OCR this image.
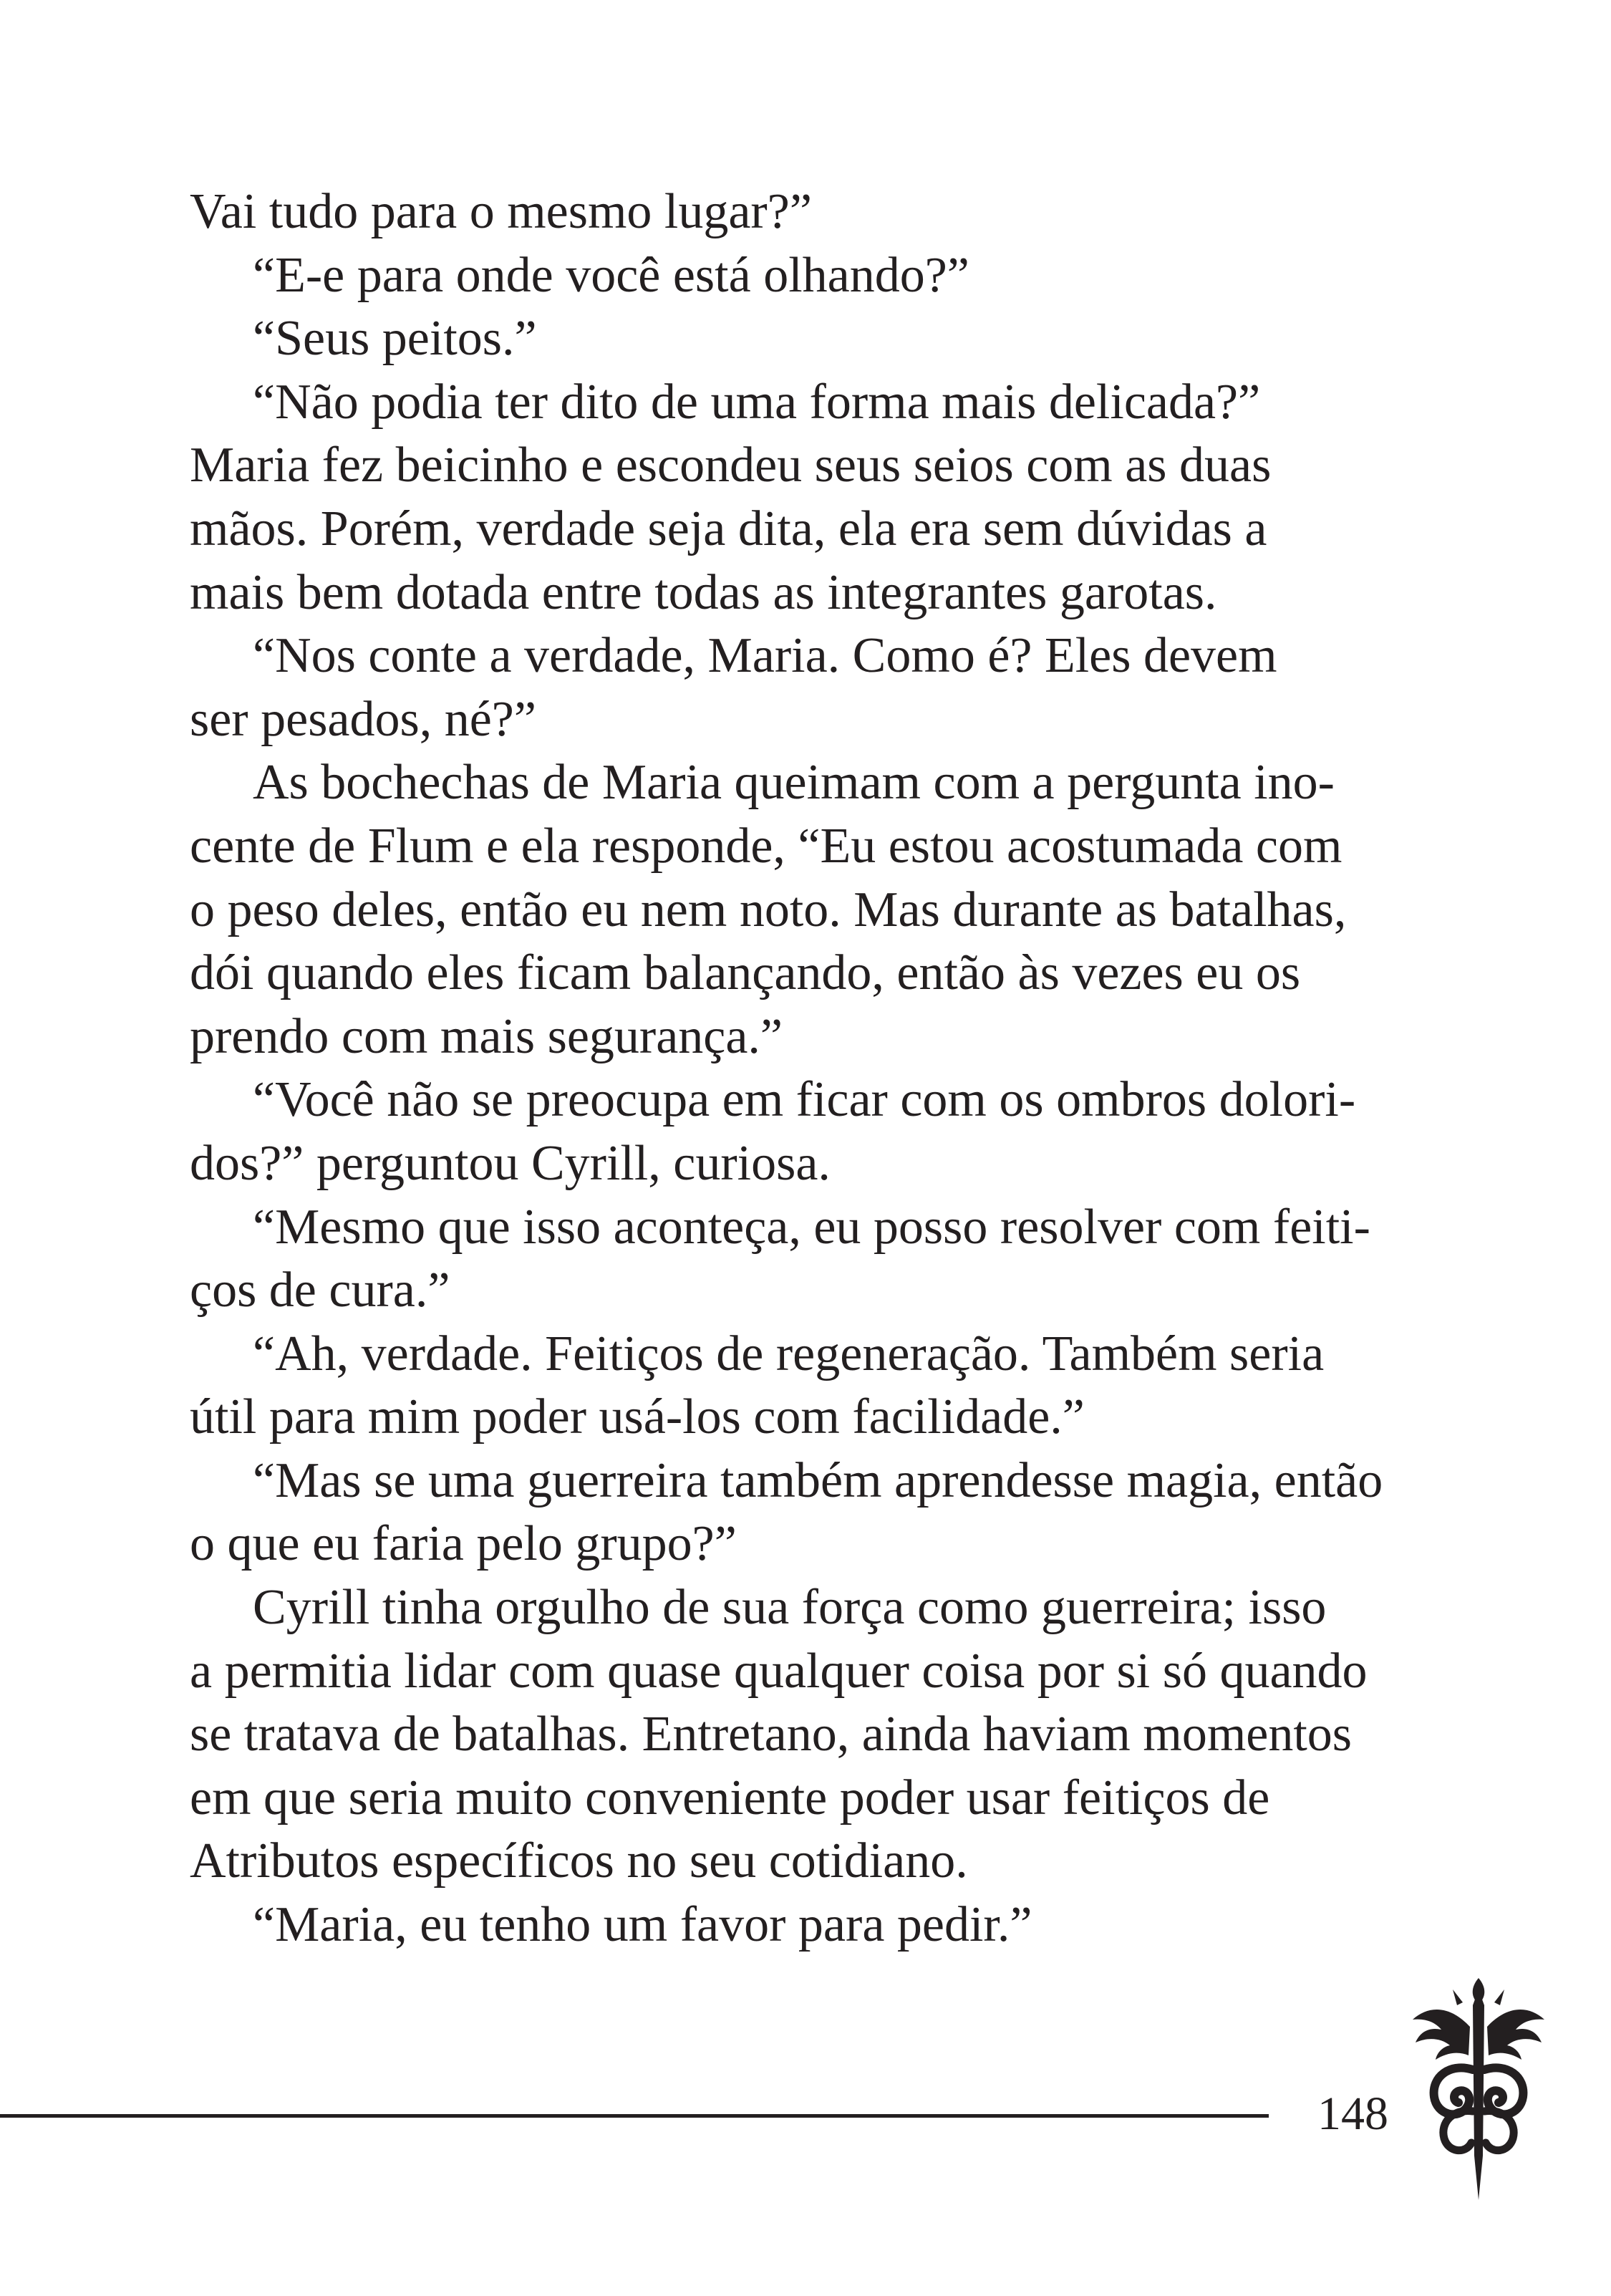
Vai tudo para o mesmo lugar?”
“E-e para onde você está olhando?”
“Seus peitos.”
“Não podia ter dito de uma forma mais delicada?”
Maria fez beicinho e escondeu seus seios com as duas
mãos. Porém, verdade seja dita, ela era sem dúvidas a
mais bem dotada entre todas as integrantes garotas.
“Nos conte a verdade, Maria. Como é? Eles devem
ser pesados, né?”
As bochechas de Maria queimam com a pergunta ino-
cente de Flum e ela responde, “Eu estou acostumada com
o peso deles, então eu nem noto. Mas durante as batalhas,
dói quando eles ficam balançando, então às vezes eu os
prendo com mais segurança.”
“Você não se preocupa em ficar com os ombros dolori-
dos?” perguntou Cyrill, curiosa.
“Mesmo que isso aconteça, eu posso resolver com feiti-
ços de cura.”
“Ah, verdade. Feitiços de regeneração. Também seria
útil para mim poder usá-los com facilidade.”
“Mas se uma guerreira também aprendesse magia, então
o que eu faria pelo grupo?”
Cyrill tinha orgulho de sua força como guerreira; isso
a permitia lidar com quase qualquer coisa por si só quando
se tratava de batalhas. Entretano, ainda haviam momentos
em que seria muito conveniente poder usar feitiços de
Atributos específicos no seu cotidiano.
“Maria, eu tenho um favor para pedir.”
148
